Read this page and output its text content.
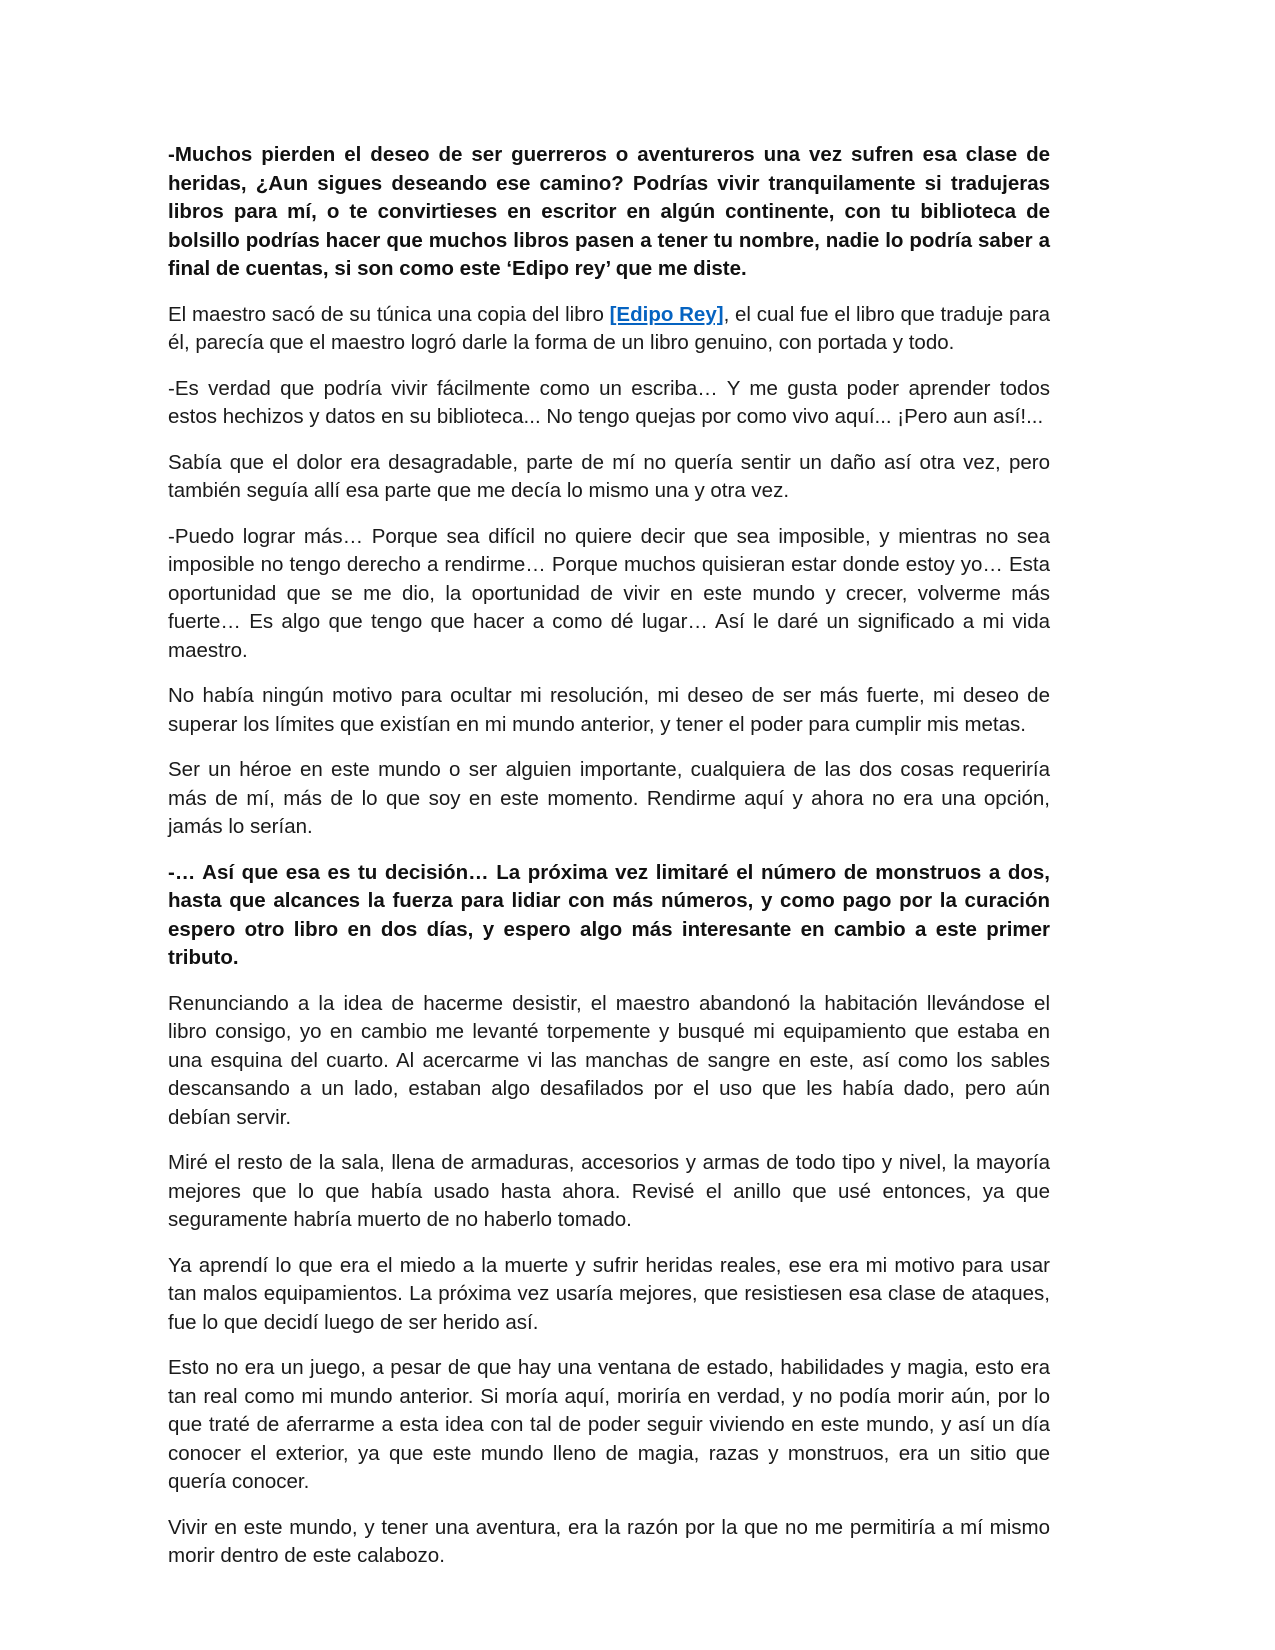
-Muchos pierden el deseo de ser guerreros o aventureros una vez sufren esa clase de heridas, ¿Aun sigues deseando ese camino? Podrías vivir tranquilamente si tradujeras libros para mí, o te convirtieses en escritor en algún continente, con tu biblioteca de bolsillo podrías hacer que muchos libros pasen a tener tu nombre, nadie lo podría saber a final de cuentas, si son como este ‘Edipo rey’ que me diste.

El maestro sacó de su túnica una copia del libro [Edipo Rey], el cual fue el libro que traduje para él, parecía que el maestro logró darle la forma de un libro genuino, con portada y todo.

-Es verdad que podría vivir fácilmente como un escriba… Y me gusta poder aprender todos estos hechizos y datos en su biblioteca... No tengo quejas por como vivo aquí... ¡Pero aun así!...

Sabía que el dolor era desagradable, parte de mí no quería sentir un daño así otra vez, pero también seguía allí esa parte que me decía lo mismo una y otra vez.

-Puedo lograr más… Porque sea difícil no quiere decir que sea imposible, y mientras no sea imposible no tengo derecho a rendirme… Porque muchos quisieran estar donde estoy yo… Esta oportunidad que se me dio, la oportunidad de vivir en este mundo y crecer, volverme más fuerte… Es algo que tengo que hacer a como dé lugar… Así le daré un significado a mi vida maestro.

No había ningún motivo para ocultar mi resolución, mi deseo de ser más fuerte, mi deseo de superar los límites que existían en mi mundo anterior, y tener el poder para cumplir mis metas.

Ser un héroe en este mundo o ser alguien importante, cualquiera de las dos cosas requeriría más de mí, más de lo que soy en este momento. Rendirme aquí y ahora no era una opción, jamás lo serían.

-… Así que esa es tu decisión… La próxima vez limitaré el número de monstruos a dos, hasta que alcances la fuerza para lidiar con más números, y como pago por la curación espero otro libro en dos días, y espero algo más interesante en cambio a este primer tributo.

Renunciando a la idea de hacerme desistir, el maestro abandonó la habitación llevándose el libro consigo, yo en cambio me levanté torpemente y busqué mi equipamiento que estaba en una esquina del cuarto. Al acercarme vi las manchas de sangre en este, así como los sables descansando a un lado, estaban algo desafilados por el uso que les había dado, pero aún debían servir.

Miré el resto de la sala, llena de armaduras, accesorios y armas de todo tipo y nivel, la mayoría mejores que lo que había usado hasta ahora. Revisé el anillo que usé entonces, ya que seguramente habría muerto de no haberlo tomado.

Ya aprendí lo que era el miedo a la muerte y sufrir heridas reales, ese era mi motivo para usar tan malos equipamientos. La próxima vez usaría mejores, que resistiesen esa clase de ataques, fue lo que decidí luego de ser herido así.

Esto no era un juego, a pesar de que hay una ventana de estado, habilidades y magia, esto era tan real como mi mundo anterior. Si moría aquí, moriría en verdad, y no podía morir aún, por lo que traté de aferrarme a esta idea con tal de poder seguir viviendo en este mundo, y así un día conocer el exterior, ya que este mundo lleno de magia, razas y monstruos, era un sitio que quería conocer.

Vivir en este mundo, y tener una aventura, era la razón por la que no me permitiría a mí mismo morir dentro de este calabozo.
